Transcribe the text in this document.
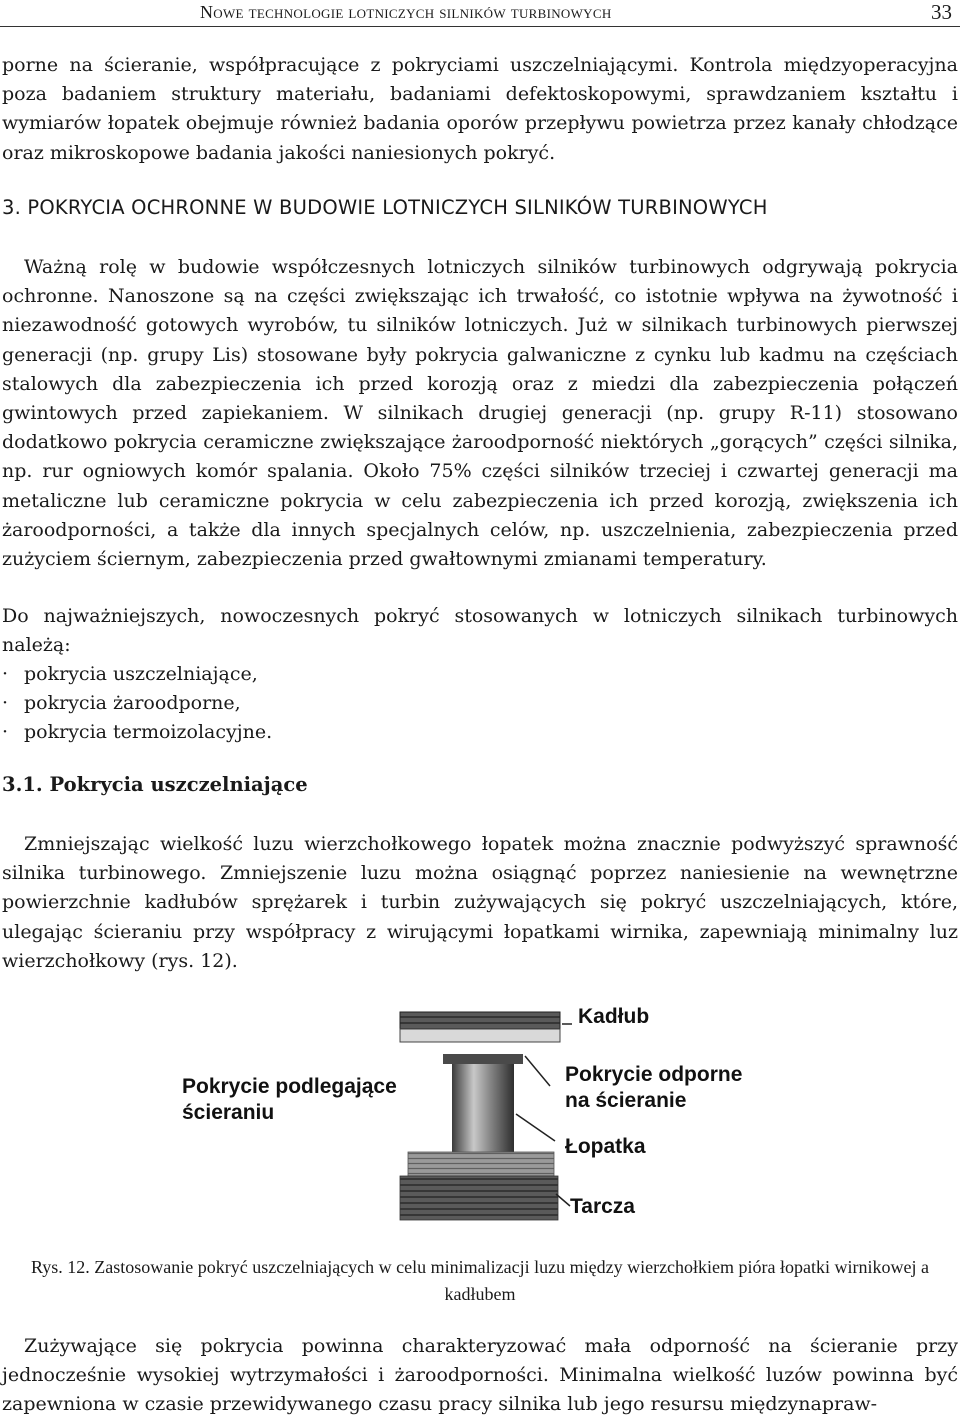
Nowe technologie lotniczych silników turbinowych	33

porne na ścieranie, współpracujące z pokryciami uszczelniającymi. Kontrola międzyoperacyjna poza badaniem struktury materiału, badaniami defektoskopowymi, sprawdzaniem kształtu i wymiarów łopatek obejmuje również badania oporów przepływu powietrza przez kanały chłodzące oraz mikroskopowe badania jakości naniesionych pokryć.

3. POKRYCIA OCHRONNE W BUDOWIE LOTNICZYCH SILNIKÓW TURBINOWYCH

Ważną rolę w budowie współczesnych lotniczych silników turbinowych odgrywają pokrycia ochronne. Nanoszone są na części zwiększając ich trwałość, co istotnie wpływa na żywotność i niezawodność gotowych wyrobów, tu silników lotniczych. Już w silnikach turbinowych pierwszej generacji (np. grupy Lis) stosowane były pokrycia galwaniczne z cynku lub kadmu na częściach stalowych dla zabezpieczenia ich przed korozją oraz z miedzi dla zabezpieczenia połączeń gwintowych przed zapiekaniem. W silnikach drugiej generacji (np. grupy R-11) stosowano dodatkowo pokrycia ceramiczne zwiększające żaroodporność niektórych „gorących” części silnika, np. rur ogniowych komór spalania. Około 75% części silników trzeciej i czwartej generacji ma metaliczne lub ceramiczne pokrycia w celu zabezpieczenia ich przed korozją, zwiększenia ich żaroodporności, a także dla innych specjalnych celów, np. uszczelnienia, zabezpieczenia przed zużyciem ściernym, zabezpieczenia przed gwałtownymi zmianami temperatury.

Do najważniejszych, nowoczesnych pokryć stosowanych w lotniczych silnikach turbinowych należą:

· pokrycia uszczelniające,
· pokrycia żaroodporne,
· pokrycia termoizolacyjne.
3.1. Pokrycia uszczelniające

Zmniejszając wielkość luzu wierzchołkowego łopatek można znacznie podwyższyć sprawność silnika turbinowego. Zmniejszenie luzu można osiągnąć poprzez naniesienie na wewnętrzne powierzchnie kadłubów sprężarek i turbin zużywających się pokryć uszczelniających, które, ulegając ścieraniu przy współpracy z wirującymi łopatkami wirnika, zapewniają minimalny luz wierzchołkowy (rys. 12).

Kadłub
Pokrycie podlegające
ścieraniu
Pokrycie odporne
na ścieranie
Łopatka
Tarcza

Rys. 12. Zastosowanie pokryć uszczelniających w celu minimalizacji luzu między wierzchołkiem pióra łopatki wirnikowej a kadłubem

Zużywające się pokrycia powinna charakteryzować mała odporność na ścieranie przy jednocześnie wysokiej wytrzymałości i żaroodporności. Minimalna wielkość luzów powinna być zapewniona w czasie przewidywanego czasu pracy silnika lub jego resursu międzynapraw-
